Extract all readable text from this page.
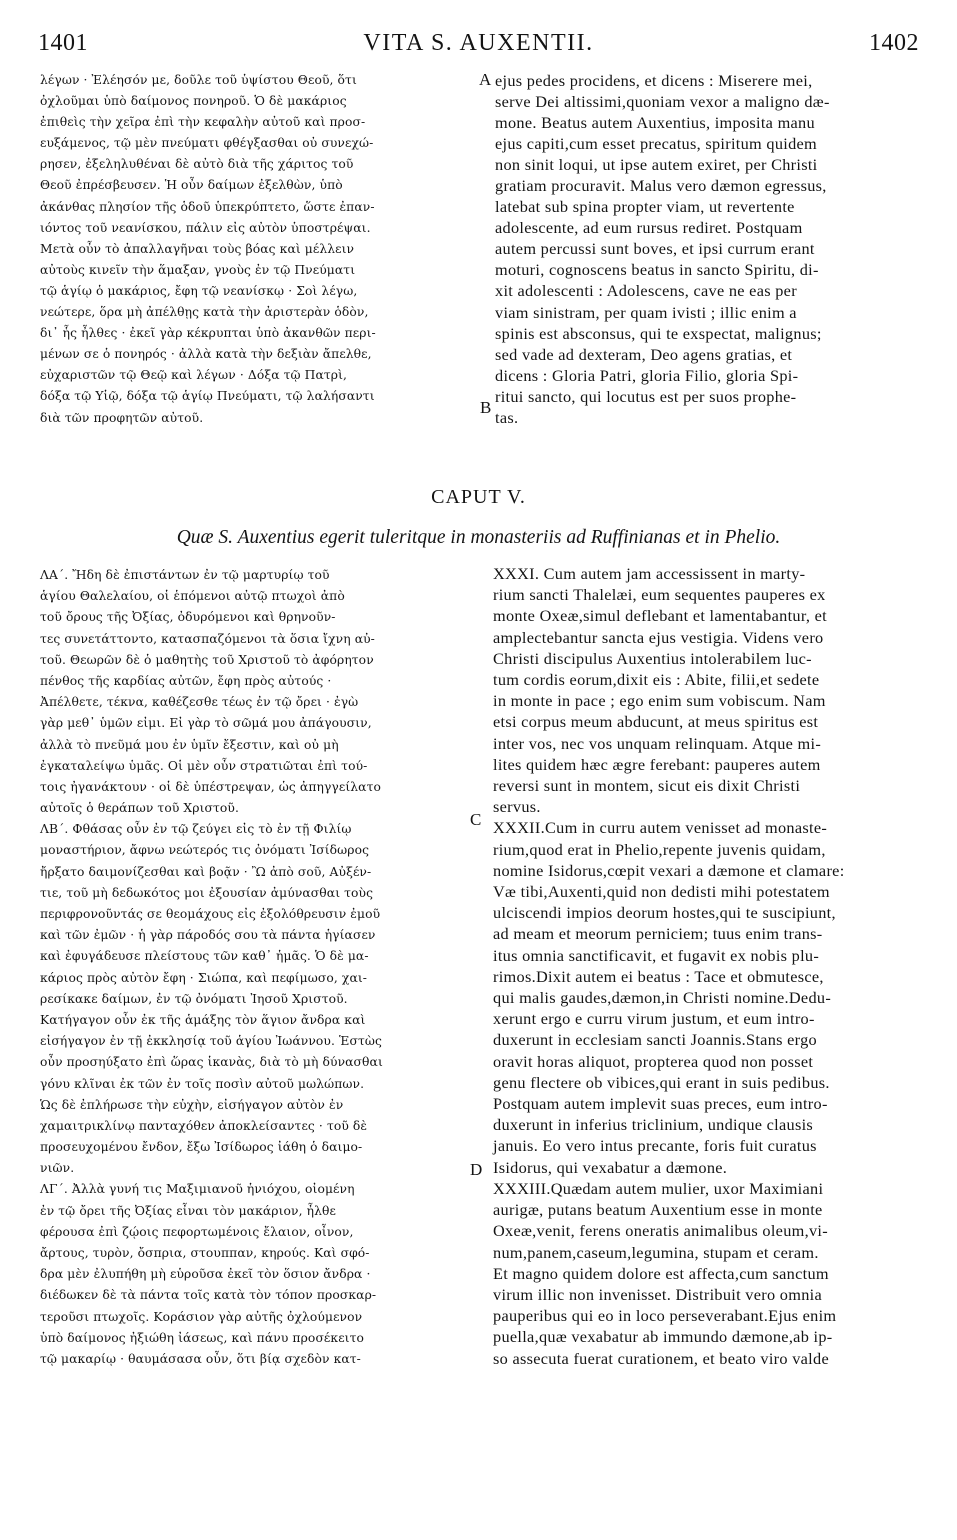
1401	VITA S. AUXENTII.	1402
λέγων · Ἐλέησόν με, δοῦλε τοῦ ὑψίστου Θεοῦ, ὅτι
ὀχλοῦμαι ὑπὸ δαίμονος πονηροῦ. Ὁ δὲ μακάριος
ἐπιθεὶς τὴν χεῖρα ἐπὶ τὴν κεφαλὴν αὐτοῦ καὶ προσ-
ευξάμενος, τῷ μὲν πνεύματι φθέγξασθαι οὐ συνεχώ-
ρησεν, ἐξεληλυθέναι δὲ αὐτὸ διὰ τῆς χάριτος τοῦ
Θεοῦ ἐπρέσβευσεν. Ἡ οὖν δαίμων ἐξελθὼν, ὑπὸ
ἀκάνθας πλησίον τῆς ὁδοῦ ὑπεκρύπτετο, ὥστε ἐπαν-
ιόντος τοῦ νεανίσκου, πάλιν εἰς αὐτὸν ὑποστρέψαι.
Μετὰ οὖν τὸ ἀπαλλαγῆναι τοὺς βόας καὶ μέλλειν
αὐτοὺς κινεῖν τὴν ἅμαξαν, γνοὺς ἐν τῷ Πνεύματι
τῷ ἁγίῳ ὁ μακάριος, ἔφη τῷ νεανίσκῳ · Σοὶ λέγω,
νεώτερε, ὅρα μὴ ἀπέλθῃς κατὰ τὴν ἀριστερὰν ὁδὸν,
δι᾽ ἧς ἦλθες · ἐκεῖ γὰρ κέκρυπται ὑπὸ ἀκανθῶν περι-
μένων σε ὁ πονηρός · ἀλλὰ κατὰ τὴν δεξιὰν ἄπελθε,
εὐχαριστῶν τῷ Θεῷ καὶ λέγων · Δόξα τῷ Πατρὶ,
δόξα τῷ Υἱῷ, δόξα τῷ ἁγίῳ Πνεύματι, τῷ λαλήσαντι
διὰ τῶν προφητῶν αὐτοῦ.
ejus pedes procidens, et dicens : Miserere mei,
serve Dei altissimi,quoniam vexor a maligno dæ-
mone. Beatus autem Auxentius, imposita manu
ejus capiti,cum esset precatus, spiritum quidem
non sinit loqui, ut ipse autem exiret, per Christi
gratiam procuravit. Malus vero dæmon egressus,
latebat sub spina propter viam, ut revertente
adolescente, ad eum rursus rediret. Postquam
autem percussi sunt boves, et ipsi currum erant
moturi, cognoscens beatus in sancto Spiritu, di-
xit adolescenti : Adolescens, cave ne eas per
viam sinistram, per quam ivisti ; illic enim a
spinis est absconsus, qui te exspectat, malignus;
sed vade ad dexteram, Deo agens gratias, et
dicens : Gloria Patri, gloria Filio, gloria Spi-
ritui sancto, qui locutus est per suos prophe-
tas.
A
B
CAPUT V.
Quæ S. Auxentius egerit tuleritque in monasteriis ad Ruffinianas et in Phelio.
ΛΑ΄. Ἤδη δὲ ἐπιστάντων ἐν τῷ μαρτυρίῳ τοῦ
ἁγίου Θαλελαίου, οἱ ἑπόμενοι αὐτῷ πτωχοὶ ἀπὸ
τοῦ ὄρους τῆς Ὀξίας, ὀδυρόμενοι καὶ θρηνοῦν-
τες συνετάττοντο, κατασπαζόμενοι τὰ ὅσια ἴχνη αὐ-
τοῦ. Θεωρῶν δὲ ὁ μαθητὴς τοῦ Χριστοῦ τὸ ἀφόρητον
πένθος τῆς καρδίας αὐτῶν, ἔφη πρὸς αὐτούς ·
Ἀπέλθετε, τέκνα, καθέζεσθε τέως ἐν τῷ ὄρει · ἐγὼ
γὰρ μεθ᾽ ὑμῶν εἰμι. Εἰ γὰρ τὸ σῶμά μου ἀπάγουσιν,
ἀλλὰ τὸ πνεῦμά μου ἐν ὑμῖν ἔξεστιν, καὶ οὐ μὴ
ἐγκαταλείψω ὑμᾶς. Οἱ μὲν οὖν στρατιῶται ἐπὶ τού-
τοις ἠγανάκτουν · οἱ δὲ ὑπέστρεψαν, ὡς ἀπηγγείλατο
αὐτοῖς ὁ θεράπων τοῦ Χριστοῦ.
ΛΒ΄. Φθάσας οὖν ἐν τῷ ζεύγει εἰς τὸ ἐν τῇ Φιλίῳ
μοναστήριον, ἄφνω νεώτερός τις ὀνόματι Ἰσίδωρος
ἤρξατο δαιμονίζεσθαι καὶ βοᾷν · Ὢ ἀπὸ σοῦ, Αὐξέν-
τιε, τοῦ μὴ δεδωκότος μοι ἐξουσίαν ἀμύνασθαι τοὺς
περιφρονοῦντάς σε θεομάχους εἰς ἐξολόθρευσιν ἐμοῦ
καὶ τῶν ἐμῶν · ἡ γὰρ πάροδός σου τὰ πάντα ἡγίασεν
καὶ ἐφυγάδευσε πλείστους τῶν καθ᾽ ἡμᾶς. Ὁ δὲ μα-
κάριος πρὸς αὐτὸν ἔφη · Σιώπα, καὶ πεφίμωσο, χαι-
ρεσίκακε δαίμων, ἐν τῷ ὀνόματι Ἰησοῦ Χριστοῦ.
Κατήγαγον οὖν ἐκ τῆς ἁμάξης τὸν ἅγιον ἄνδρα καὶ
εἰσήγαγον ἐν τῇ ἐκκλησίᾳ τοῦ ἁγίου Ἰωάννου. Ἑστὼς
οὖν προσηύξατο ἐπὶ ὥρας ἱκανὰς, διὰ τὸ μὴ δύνασθαι
γόνυ κλῖναι ἐκ τῶν ἐν τοῖς ποσὶν αὐτοῦ μωλώπων.
Ὡς δὲ ἐπλήρωσε τὴν εὐχὴν, εἰσήγαγον αὐτὸν ἐν
χαμαιτρικλίνῳ πανταχόθεν ἀποκλείσαντες · τοῦ δὲ
προσευχομένου ἔνδον, ἔξω Ἰσίδωρος ἰάθη ὁ δαιμο-
νιῶν.
ΛΓ΄. Ἀλλὰ γυνή τις Μαξιμιανοῦ ἡνιόχου, οἰομένη
ἐν τῷ ὄρει τῆς Ὀξίας εἶναι τὸν μακάριον, ἦλθε
φέρουσα ἐπὶ ζῴοις πεφορτωμένοις ἔλαιον, οἶνον,
ἄρτους, τυρὸν, ὄσπρια, στουππαν, κηρούς. Καὶ σφό-
δρα μὲν ἐλυπήθη μὴ εὑροῦσα ἐκεῖ τὸν ὅσιον ἄνδρα ·
διέδωκεν δὲ τὰ πάντα τοῖς κατὰ τὸν τόπον προσκαρ-
τεροῦσι πτωχοῖς. Κοράσιον γὰρ αὐτῆς ὀχλούμενον
ὑπὸ δαίμονος ἠξιώθη ἰάσεως, καὶ πάνυ προσέκειτο
τῷ μακαρίῳ · θαυμάσασα οὖν, ὅτι βίᾳ σχεδὸν κατ-
XXXI. Cum autem jam accessissent in marty-
rium sancti Thalelæi, eum sequentes pauperes ex
monte Oxeæ,simul deflebant et lamentabantur, et
amplectebantur sancta ejus vestigia. Videns vero
Christi discipulus Auxentius intolerabilem luc-
tum cordis eorum,dixit eis : Abite, filii,et sedete
in monte in pace ; ego enim sum vobiscum. Nam
etsi corpus meum abducunt, at meus spiritus est
inter vos, nec vos unquam relinquam. Atque mi-
lites quidem hæc ægre ferebant: pauperes autem
reversi sunt in montem, sicut eis dixit Christi
servus.
XXXII.Cum in curru autem venisset ad monaste-
rium,quod erat in Phelio,repente juvenis quidam,
nomine Isidorus,cœpit vexari a dæmone et clamare:
Væ tibi,Auxenti,quid non dedisti mihi potestatem
ulciscendi impios deorum hostes,qui te suscipiunt,
ad meam et meorum perniciem; tuus enim trans-
itus omnia sanctificavit, et fugavit ex nobis plu-
rimos.Dixit autem ei beatus : Tace et obmutesce,
qui malis gaudes,dæmon,in Christi nomine.Dedu-
xerunt ergo e curru virum justum, et eum intro-
duxerunt in ecclesiam sancti Joannis.Stans ergo
oravit horas aliquot, propterea quod non posset
genu flectere ob vibices,qui erant in suis pedibus.
Postquam autem implevit suas preces, eum intro-
duxerunt in inferius triclinium, undique clausis
januis. Eo vero intus precante, foris fuit curatus
Isidorus, qui vexabatur a dæmone.
XXXIII.Quædam autem mulier, uxor Maximiani
aurigæ, putans beatum Auxentium esse in monte
Oxeæ,venit, ferens oneratis animalibus oleum,vi-
num,panem,caseum,legumina, stupam et ceram.
Et magno quidem dolore est affecta,cum sanctum
virum illic non invenisset. Distribuit vero omnia
pauperibus qui eo in loco perseverabant.Ejus enim
puella,quæ vexabatur ab immundo dæmone,ab ip-
so assecuta fuerat curationem, et beato viro valde
C
D
